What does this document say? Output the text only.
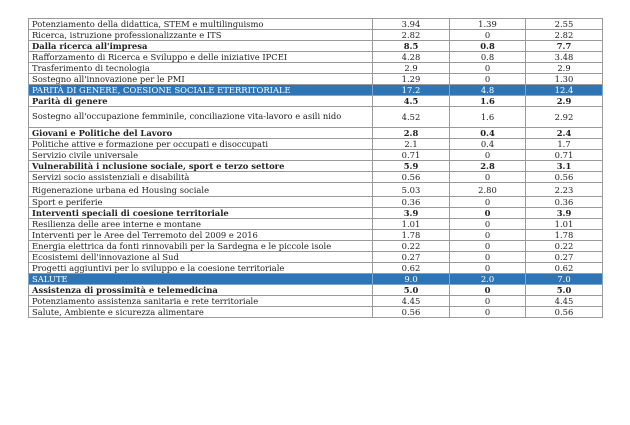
Potenziamento della didattica, STEM e multilinguismo	3.94	1.39	2.55
Ricerca, istruzione professionalizzante e ITS	2.82	0	2.82
Dalla ricerca all'impresa	8.5	0.8	7.7
Rafforzamento di Ricerca e Sviluppo e delle iniziative IPCEI	4.28	0.8	3.48
Trasferimento di tecnologia	2.9	0	2.9
Sostegno all'innovazione per le PMI	1.29	0	1.30
PARITÀ DI GENERE, COESIONE SOCIALE ETERRITORIALE	17.2	4.8	12.4
Parità di genere	4.5	1.6	2.9
Sostegno all'occupazione femminile, conciliazione vita-lavoro e asili nido	4.52	1.6	2.92
Giovani e Politiche del Lavoro	2.8	0.4	2.4
Politiche attive e formazione per occupati e disoccupati	2.1	0.4	1.7
Servizio civile universale	0.71	0	0.71
Vulnerabilità i nclusione sociale, sport e terzo settore	5.9	2.8	3.1
Servizi socio assistenziali e disabilità	0.56	0	0.56
Rigenerazione urbana ed Housing sociale	5.03	2.80	2.23
Sport e periferie	0.36	0	0.36
Interventi speciali di coesione territoriale	3.9	0	3.9
Resilienza delle aree interne e montane	1.01	0	1.01
Interventi per le Aree del Terremoto del 2009 e 2016	1.78	0	1.78
Energia elettrica da fonti rinnovabili per la Sardegna e le piccole isole	0.22	0	0.22
Ecosistemi dell'innovazione al Sud	0.27	0	0.27
Progetti aggiuntivi per lo sviluppo e la coesione territoriale	0.62	0	0.62
SALUTE	9.0	2.0	7.0
Assistenza di prossimità e telemedicina	5.0	0	5.0
Potenziamento assistenza sanitaria e rete territoriale	4.45	0	4.45
Salute, Ambiente e sicurezza alimentare	0.56	0	0.56
